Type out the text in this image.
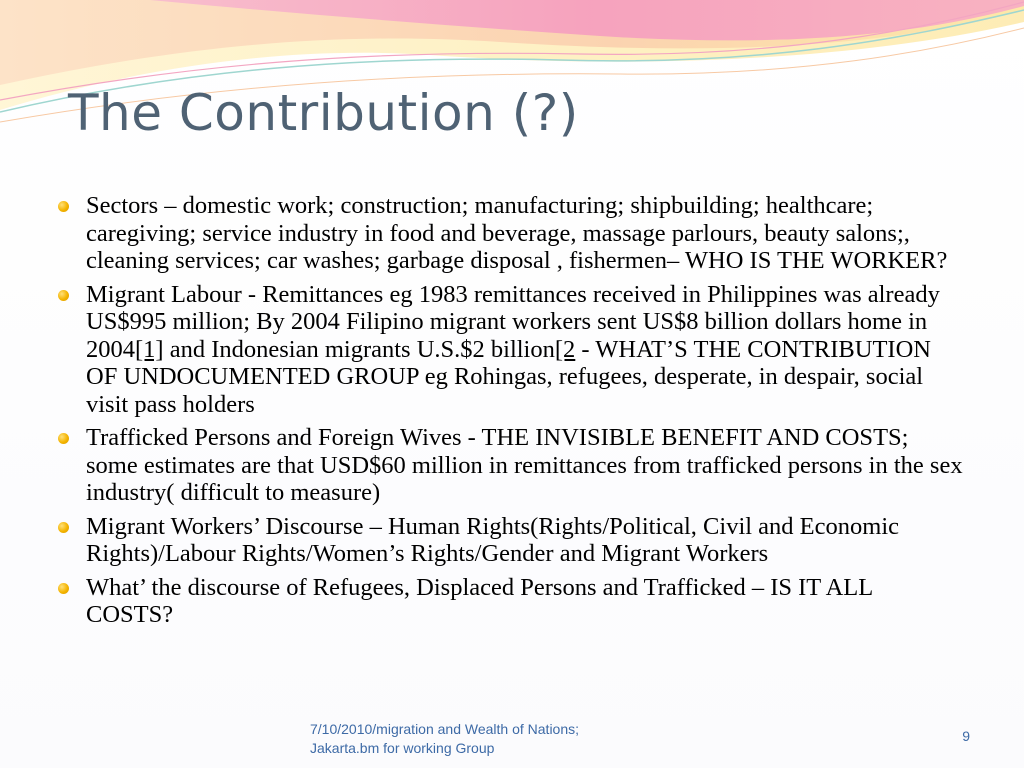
The Contribution (?)
Sectors – domestic work; construction; manufacturing; shipbuilding; healthcare; caregiving; service industry in food and beverage, massage parlours, beauty salons;, cleaning services; car washes; garbage disposal , fishermen– WHO IS THE WORKER?
Migrant Labour - Remittances eg 1983 remittances received in Philippines was already US$995 million; By 2004 Filipino migrant workers sent US$8 billion dollars home in 2004[1] and Indonesian migrants U.S.$2 billion[2 - WHAT’S THE CONTRIBUTION OF UNDOCUMENTED GROUP eg Rohingas, refugees, desperate, in despair, social visit pass holders
Trafficked Persons and Foreign Wives - THE INVISIBLE BENEFIT AND COSTS; some estimates are that USD$60 million in remittances from trafficked persons in the sex industry( difficult to measure)
Migrant Workers’ Discourse – Human Rights(Rights/Political, Civil and Economic Rights)/Labour Rights/Women’s Rights/Gender and Migrant Workers
What’ the discourse of Refugees, Displaced Persons and Trafficked – IS IT ALL COSTS?
7/10/2010/migration and Wealth of Nations;
Jakarta.bm for working Group
9
